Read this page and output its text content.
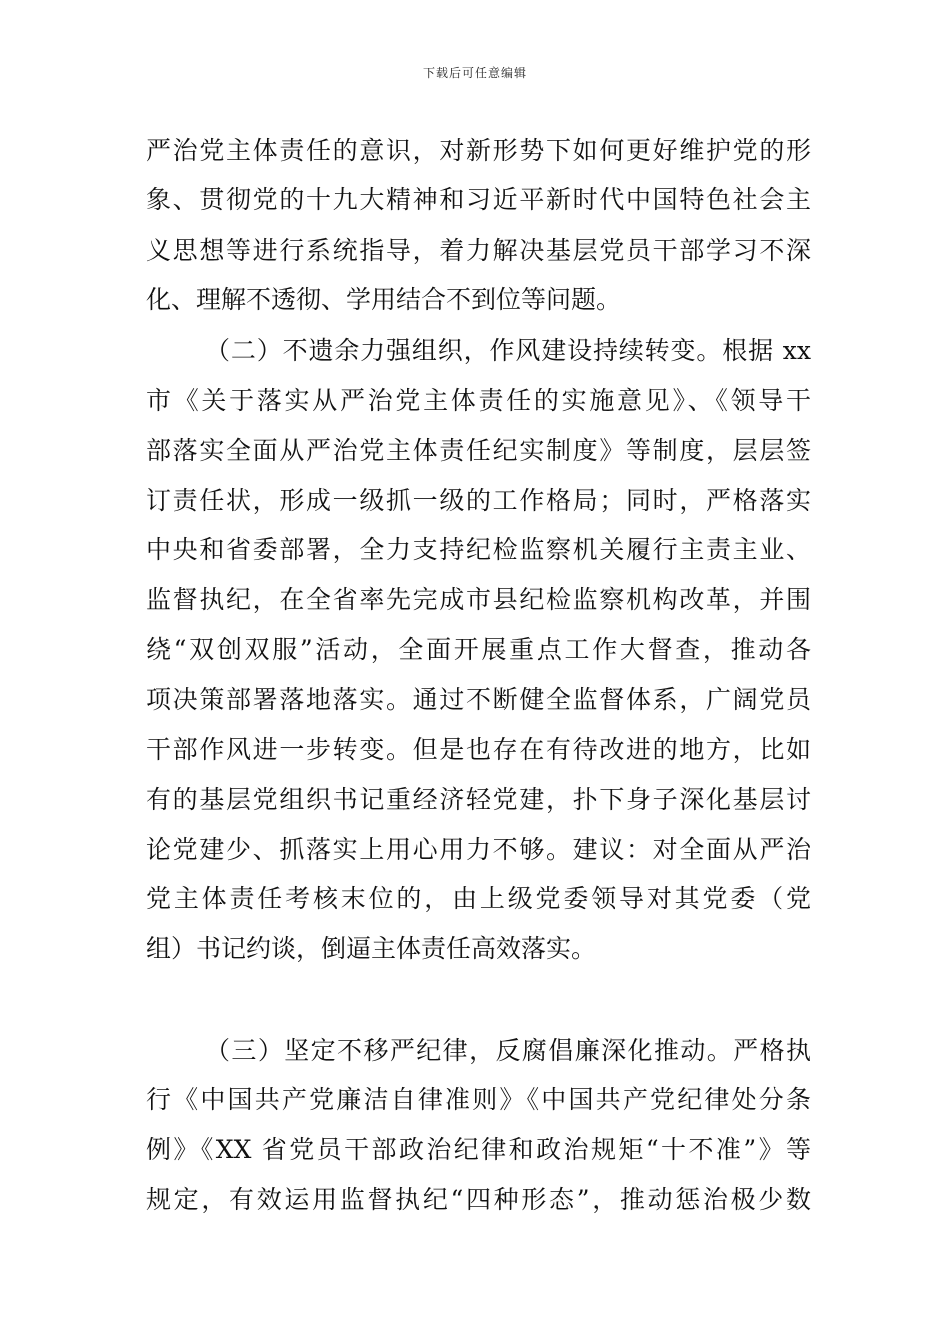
下载后可任意编辑
严治党主体责任的意识，对新形势下如何更好维护党的形
象、贯彻党的十九大精神和习近平新时代中国特色社会主
义思想等进行系统指导，着力解决基层党员干部学习不深
化、理解不透彻、学用结合不到位等问题。
（二）不遗余力强组织，作风建设持续转变。根据 xx
市《关于落实从严治党主体责任的实施意见》、《领导干
部落实全面从严治党主体责任纪实制度》等制度，层层签
订责任状，形成一级抓一级的工作格局；同时，严格落实
中央和省委部署，全力支持纪检监察机关履行主责主业、
监督执纪，在全省率先完成市县纪检监察机构改革，并围
绕“双创双服”活动，全面开展重点工作大督查，推动各
项决策部署落地落实。通过不断健全监督体系，广阔党员
干部作风进一步转变。但是也存在有待改进的地方，比如
有的基层党组织书记重经济轻党建，扑下身子深化基层讨
论党建少、抓落实上用心用力不够。建议：对全面从严治
党主体责任考核末位的，由上级党委领导对其党委（党
组）书记约谈，倒逼主体责任高效落实。
（三）坚定不移严纪律，反腐倡廉深化推动。严格执
行《中国共产党廉洁自律准则》《中国共产党纪律处分条
例》《XX 省党员干部政治纪律和政治规矩“十不准”》等
规定，有效运用监督执纪“四种形态”，推动惩治极少数
